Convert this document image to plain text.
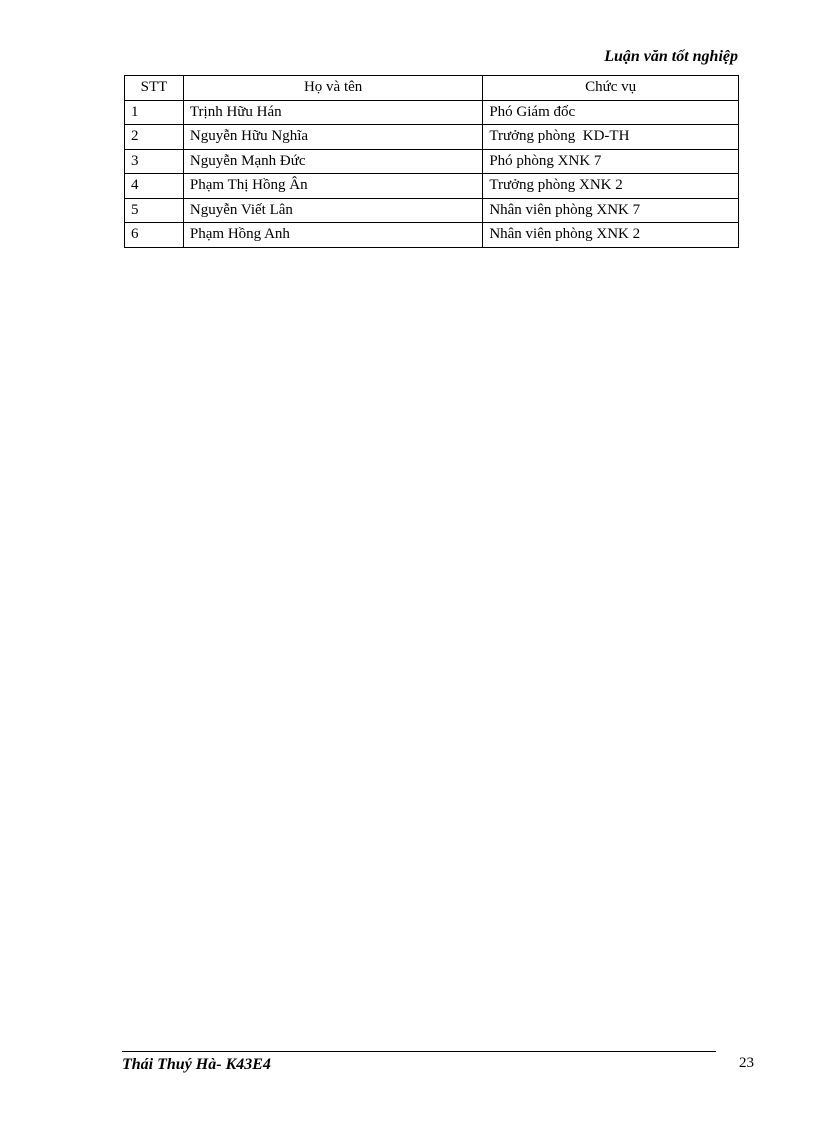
Luận văn tốt nghiệp
STT	Họ và tên	Chức vụ
1	Trịnh Hữu Hán	Phó Giám đốc
2	Nguyễn Hữu Nghĩa	Trưởng phòng  KD-TH
3	Nguyễn Mạnh Đức	Phó phòng XNK 7
4	Phạm Thị Hồng Ân	Trưởng phòng XNK 2
5	Nguyễn Viết Lân	Nhân viên phòng XNK 7
6	Phạm Hồng Anh	Nhân viên phòng XNK 2
Thái Thuý Hà- K43E4	23
